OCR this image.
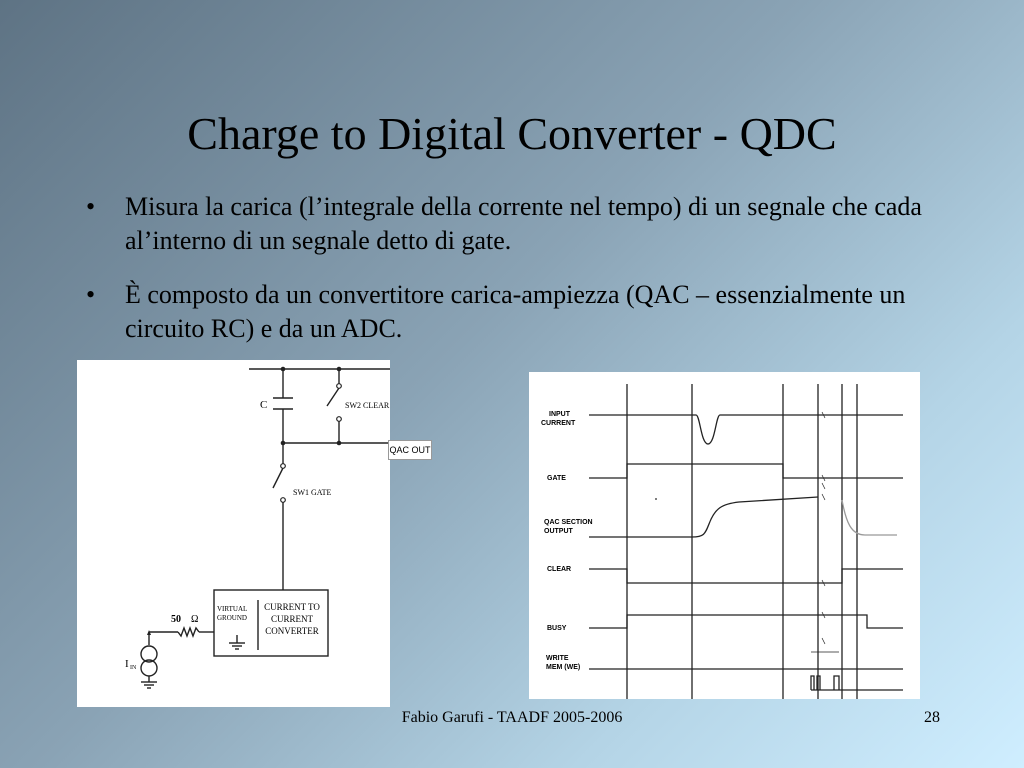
Charge to Digital Converter - QDC
• Misura la carica (l’integrale della corrente nel tempo) di un segnale che cada al’interno di un segnale detto di gate.
• È composto da un convertitore carica-ampiezza (QAC – essenzialmente un circuito RC) e da un ADC.
C	SW2 CLEAR
SW1 GATE
VIRTUAL
GROUND
CURRENT TO
CURRENT
CONVERTER
50 Ω
I IN
QAC OUT
INPUT
CURRENT
GATE
QAC SECTION
OUTPUT
CLEAR
BUSY
WRITE
MEM (WE)
Fabio Garufi - TAADF 2005-2006	28
